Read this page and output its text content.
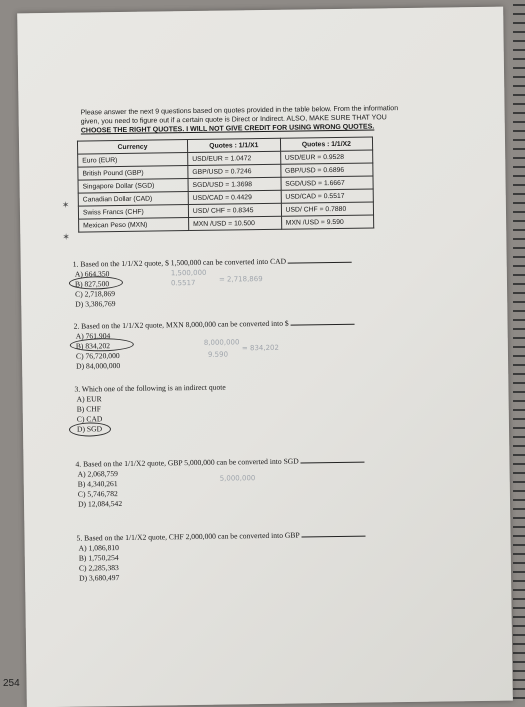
Please answer the next 9 questions based on quotes provided in the table below. From the information
given, you need to figure out if a certain quote is Direct or Indirect. ALSO, MAKE SURE THAT YOU
CHOOSE THE RIGHT QUOTES. I WILL NOT GIVE CREDIT FOR USING WRONG QUOTES.
Currency	Quotes : 1/1/X1	Quotes : 1/1/X2
Euro (EUR)	USD/EUR = 1.0472	USD/EUR = 0.9528
British Pound (GBP)	GBP/USD = 0.7246	GBP/USD = 0.6896
Singapore Dollar (SGD)	SGD/USD = 1.3698	SGD/USD = 1.6667
Canadian Dollar (CAD)	USD/CAD = 0.4429	USD/CAD = 0.5517
Swiss Francs (CHF)	USD/ CHF = 0.8345	USD/ CHF = 0.7880
Mexican Peso (MXN)	MXN /USD = 10.500	MXN /USD = 9.590
✶
✶
1. Based on the 1/1/X2 quote, $ 1,500,000 can be converted into CAD
A) 664,350
B) 827,500
C) 2,718,869
D) 3,386,769
1,500,000
0.5517	= 2,718,869
2. Based on the 1/1/X2 quote, MXN 8,000,000 can be converted into $
A) 761,904
B) 834,202
C) 76,720,000
D) 84,000,000
8,000,000
9.590
= 834,202
3. Which one of the following is an indirect quote
A) EUR
B) CHF
C) CAD
D) SGD
4. Based on the 1/1/X2 quote, GBP 5,000,000 can be converted into SGD
A) 2,068,759
B) 4,340,261
C) 5,746,782
D) 12,084,542
5,000,000
5. Based on the 1/1/X2 quote, CHF 2,000,000 can be converted into GBP
A) 1,086,810
B) 1,750,254
C) 2,285,383
D) 3,680,497
254
